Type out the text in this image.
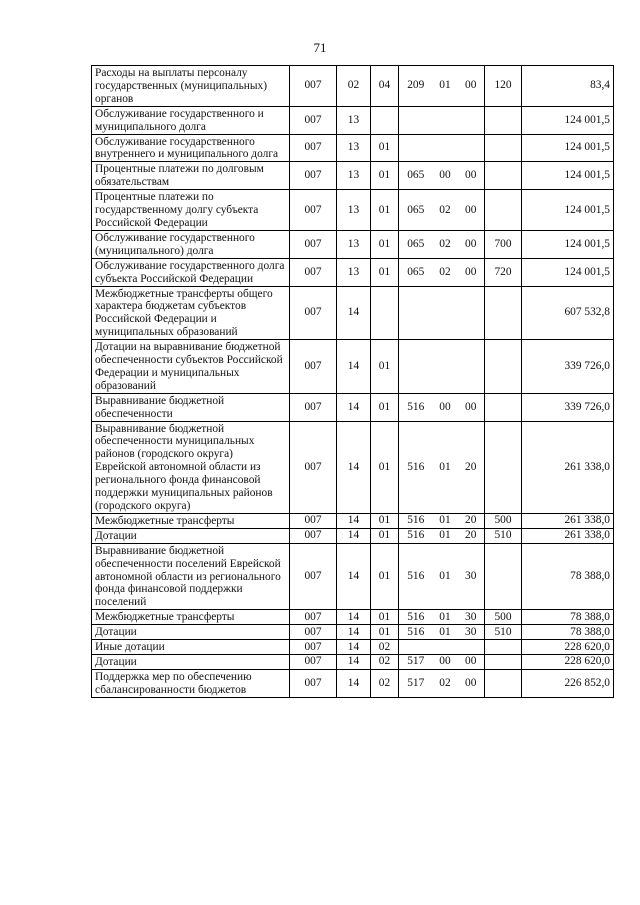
71
Расходы на выплаты персоналу государственных (муниципальных) органов	007	02	04	209	01	00	120	83,4
Обслуживание государственного и муниципального долга	007	13						124 001,5
Обслуживание государственного внутреннего и муниципального долга	007	13	01					124 001,5
Процентные платежи по долговым обязательствам	007	13	01	065	00	00		124 001,5
Процентные платежи по государственному долгу субъекта Российской Федерации	007	13	01	065	02	00		124 001,5
Обслуживание государственного (муниципального) долга	007	13	01	065	02	00	700	124 001,5
Обслуживание государственного долга субъекта Российской Федерации	007	13	01	065	02	00	720	124 001,5
Межбюджетные трансферты общего характера бюджетам субъектов Российской Федерации и муниципальных образований	007	14						607 532,8
Дотации на выравнивание бюджетной обеспеченности субъектов Российской Федерации и муниципальных образований	007	14	01					339 726,0
Выравнивание бюджетной обеспеченности	007	14	01	516	00	00		339 726,0
Выравнивание бюджетной обеспеченности муниципальных районов (городского округа) Еврейской автономной области из регионального фонда финансовой поддержки муниципальных районов (городского округа)	007	14	01	516	01	20		261 338,0
Межбюджетные трансферты	007	14	01	516	01	20	500	261 338,0
Дотации	007	14	01	516	01	20	510	261 338,0
Выравнивание бюджетной обеспеченности поселений Еврейской автономной области из регионального фонда финансовой поддержки поселений	007	14	01	516	01	30		78 388,0
Межбюджетные трансферты	007	14	01	516	01	30	500	78 388,0
Дотации	007	14	01	516	01	30	510	78 388,0
Иные дотации	007	14	02					228 620,0
Дотации	007	14	02	517	00	00		228 620,0
Поддержка мер по обеспечению сбалансированности бюджетов	007	14	02	517	02	00		226 852,0
